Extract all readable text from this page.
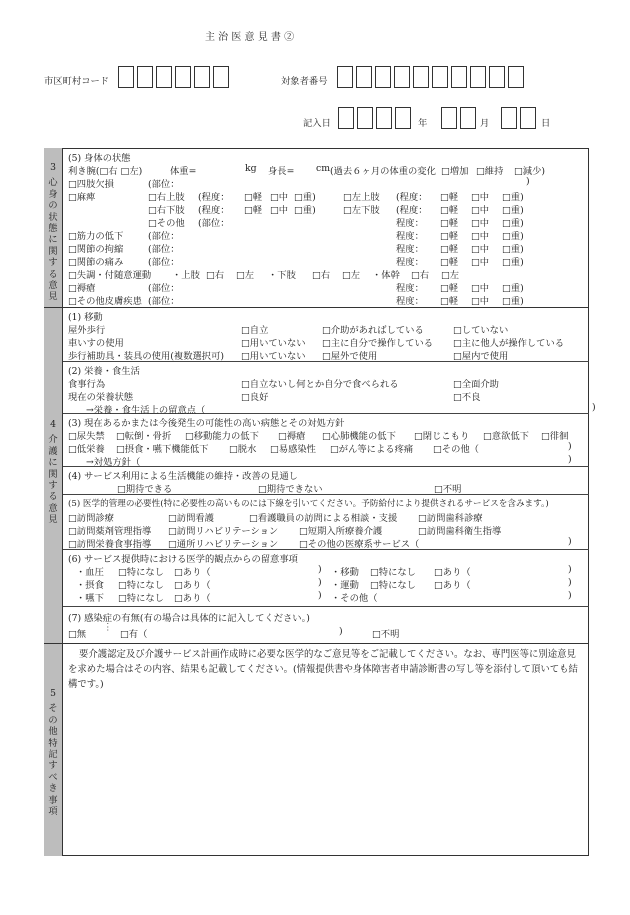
主 治 医 意 見 書 ②
市区町村コード	対象者番号
記入日	年	月	日
3
心
身
の
状
態
に
関
す
る
意
見
4
介
護
に
関
す
る
意
見
5
そ
の
他
特
記
す
べ
き
事
項
(5) 身体の状態
利き腕(□右 □左)	体重=	kg 身長= cm (過去６ヶ月の体重の変化 □増加 □維持 □減少)
□四肢欠損	(部位：	)
□麻痺	□右上肢 (程度： □軽 □中 □重)	□左上肢 (程度： □軽 □中 □重)
□右下肢 (程度： □軽 □中 □重)	□左下肢 (程度： □軽 □中 □重)
□その他 (部位：	程度： □軽 □中 □重)
□筋力の低下	(部位：	程度： □軽 □中 □重)
□関節の拘縮	(部位：	程度： □軽 □中 □重)
□関節の痛み	(部位：	程度： □軽 □中 □重)
□失調・付随意運動 ・上肢 □右 □左 ・下肢 □右 □左 ・体幹 □右 □左
□褥瘡	(部位：	程度： □軽 □中 □重)
□その他皮膚疾患 (部位：	程度： □軽 □中 □重)
(1) 移動
屋外歩行	□自立	□介助があればしている	□していない
車いすの使用	□用いていない □主に自分で操作している □主に他人が操作している
歩行補助具・装具の使用(複数選択可) □用いていない □屋外で使用	□屋内で使用
(2) 栄養・食生活
食事行為	□自立ないし何とか自分で食べられる	□全面介助
現在の栄養状態	□良好	□不良
→栄養・食生活上の留意点（	)
(3) 現在あるかまたは今後発生の可能性の高い病態とその対処方針
□尿失禁 □転倒・骨折 □移動能力の低下 □褥瘡 □心肺機能の低下 □閉じこもり □意欲低下 □徘徊
□低栄養 □摂食・嚥下機能低下 □脱水 □易感染性 □がん等による疼痛 □その他（	)
→対処方針（	)
(4) サービス利用による生活機能の維持・改善の見通し
□期待できる	□期待できない	□不明
(5) 医学的管理の必要性(特に必要性の高いものには下線を引いてください。予防給付により提供されるサービスを含みます。)
□訪問診療	□訪問看護	□看護職員の訪問による相談・支援 □訪問歯科診療
□訪問薬剤管理指導 □訪問リハビリテーション □短期入所療養介護	□訪問歯科衛生指導
□訪問栄養食事指導 □通所リハビリテーション □その他の医療系サービス（	)
(6) サービス提供時における医学的観点からの留意事項
・血圧 □特になし □あり（	) ・移動 □特になし □あり（	)
・摂食 □特になし □あり（	) ・運動 □特になし □あり（	)
・嚥下 □特になし □あり（	) ・その他（	)
(7) 感染症の有無(有の場合は具体的に記入してください。)
□無
⋮
□有（	)	□不明
要介護認定及び介護サービス計画作成時に必要な医学的なご意見等をご記載してください。なお、専門医等に別途意見を求めた場合はその内容、結果も記載してください。(情報提供書や身体障害者申請診断書の写し等を添付して頂いても結構です。)
